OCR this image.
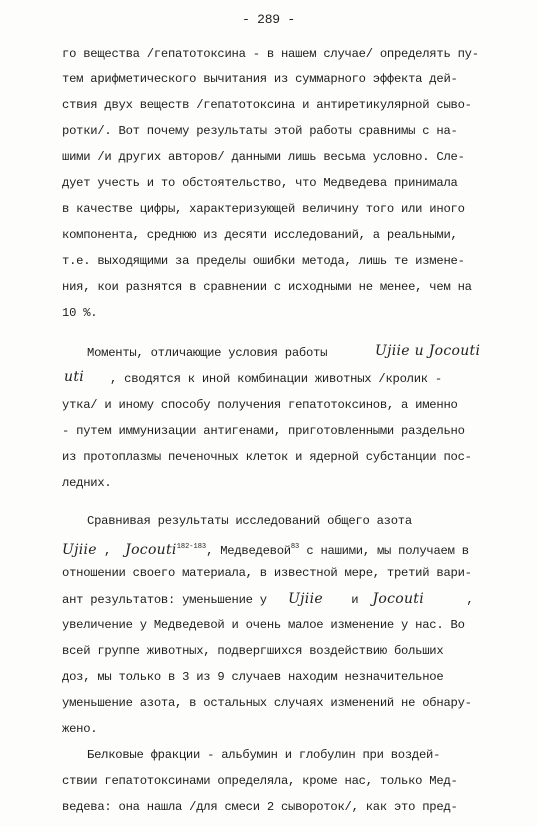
- 289 -
го вещества /гепатотоксина - в нашем случае/ определять пу-
тем арифметического вычитания из суммарного эффекта дей-
ствия двух веществ /гепатотоксина и антиретикулярной сыво-
ротки/. Вот почему результаты этой работы сравнимы с на-
шими /и других авторов/ данными лишь весьма условно. Сле-
дует учесть и то обстоятельство, что Медведева принимала
в качестве цифры, характеризующей величину того или иного
компонента, среднюю из десяти исследований, а реальными,
т.е. выходящими за пределы ошибки метода, лишь те измене-
ния, кои разнятся в сравнении с исходными не менее, чем на
10 %.
Моменты, отличающие условия работы	Ujiie и Jocouti
uti	, сводятся к иной комбинации животных /кролик -
утка/ и иному способу получения гепатотоксинов, а именно
- путем иммунизации антигенами, приготовленными раздельно
из протоплазмы печеночных клеток и ядерной субстанции пос-
ледних.
Сравнивая результаты исследований общего азота
Ujiie ,  Jocouti$^{182-183}$, Медведевой$^{83}$ с нашими, мы получаем в
отношении своего материала, в известной мере, третий вари-
ант результатов: уменьшение у Ujiie и Jocouti	,
увеличение у Медведевой и очень малое изменение у нас. Во
всей группе животных, подвергшихся воздействию больших
доз, мы только в 3 из 9 случаев находим незначительное
уменьшение азота, в остальных случаях изменений не обнару-
жено.
Белковые фракции - альбумин и глобулин при воздей-
ствии гепатотоксинами определяла, кроме нас, только Мед-
ведева: она нашла /для смеси 2 сывороток/, как это пред-
